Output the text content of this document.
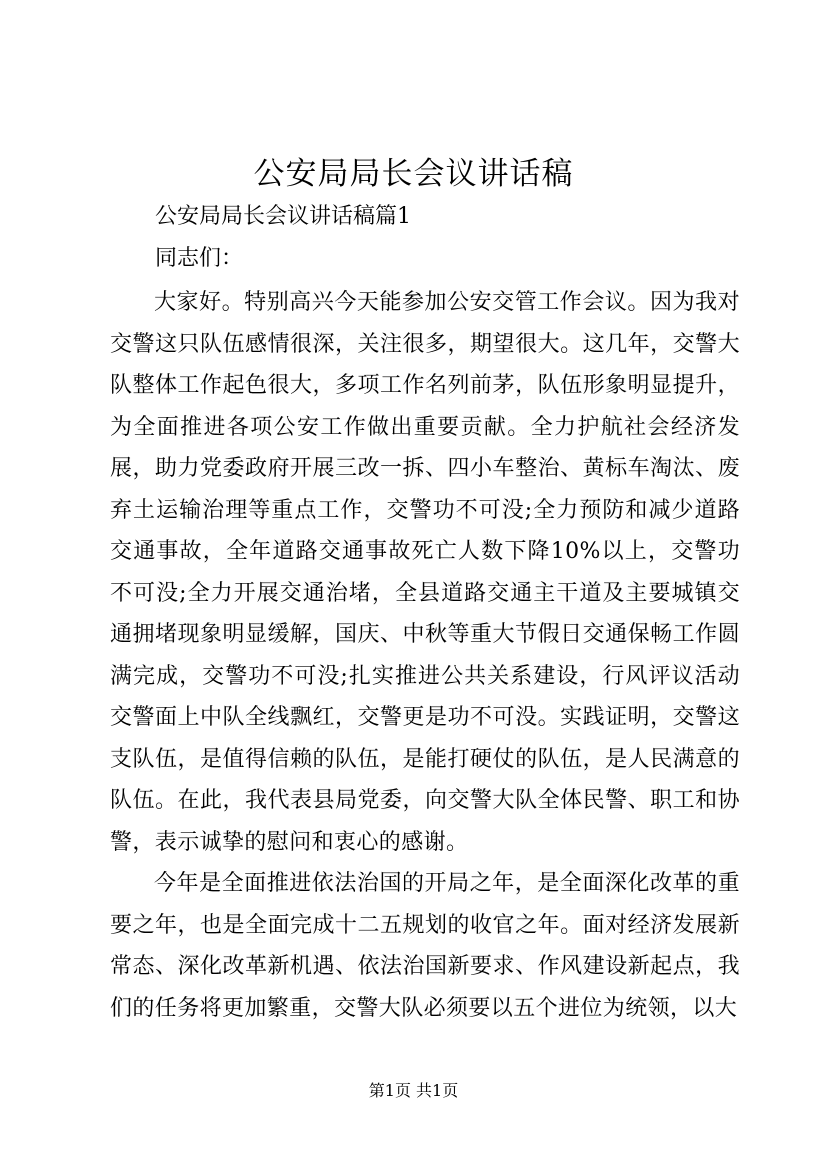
公安局局长会议讲话稿

公安局局长会议讲话稿篇1

同志们：

大家好。特别高兴今天能参加公安交管工作会议。因为我对交警这只队伍感情很深，关注很多，期望很大。这几年，交警大队整体工作起色很大，多项工作名列前茅，队伍形象明显提升，为全面推进各项公安工作做出重要贡献。全力护航社会经济发展，助力党委政府开展三改一拆、四小车整治、黄标车淘汰、废弃土运输治理等重点工作，交警功不可没;全力预防和减少道路交通事故，全年道路交通事故死亡人数下降10%以上，交警功不可没;全力开展交通治堵，全县道路交通主干道及主要城镇交通拥堵现象明显缓解，国庆、中秋等重大节假日交通保畅工作圆满完成，交警功不可没;扎实推进公共关系建设，行风评议活动交警面上中队全线飘红，交警更是功不可没。实践证明，交警这支队伍，是值得信赖的队伍，是能打硬仗的队伍，是人民满意的队伍。在此，我代表县局党委，向交警大队全体民警、职工和协警，表示诚挚的慰问和衷心的感谢。

今年是全面推进依法治国的开局之年，是全面深化改革的重要之年，也是全面完成十二五规划的收官之年。面对经济发展新常态、深化改革新机遇、依法治国新要求、作风建设新起点，我们的任务将更加繁重，交警大队必须要以五个进位为统领，以大

第1页 共1页
